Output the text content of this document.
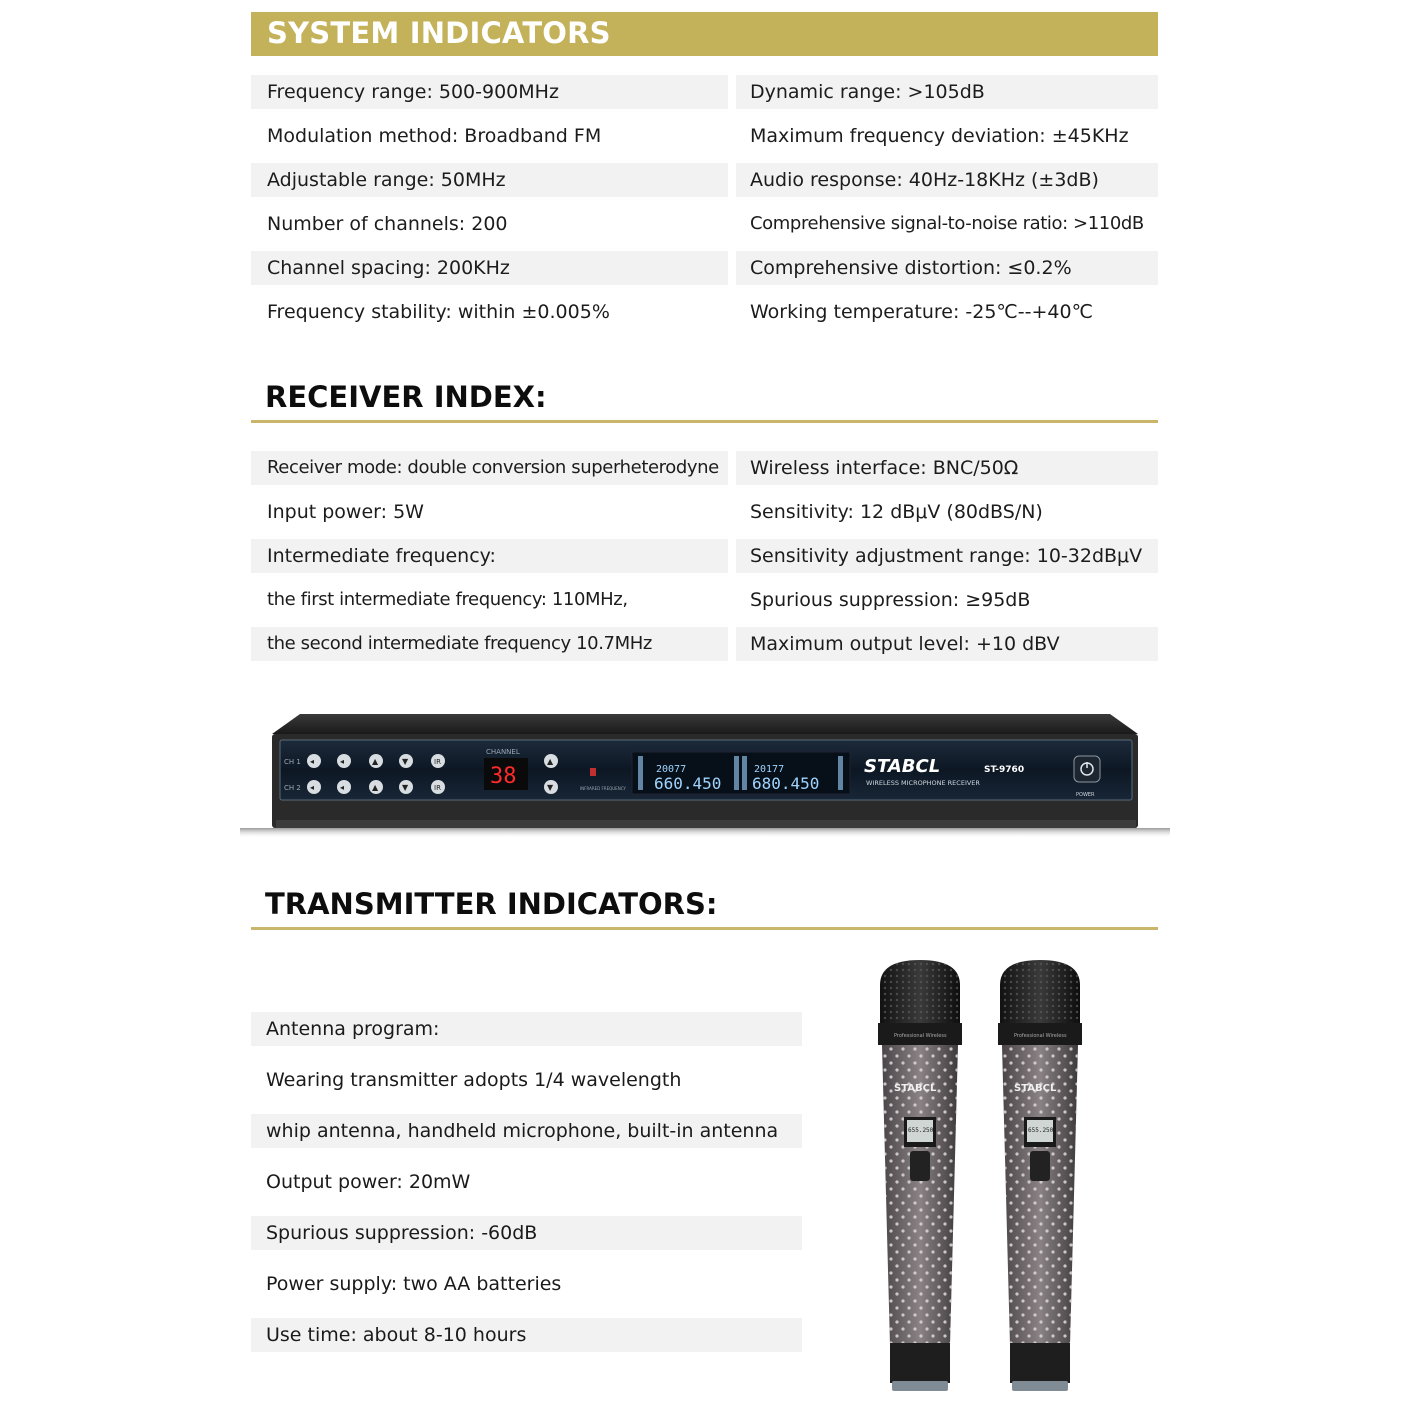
SYSTEM INDICATORS
Frequency range: 500-900MHz	Dynamic range: >105dB
Modulation method: Broadband FM	Maximum frequency deviation: ±45KHz
Adjustable range: 50MHz	Audio response: 40Hz-18KHz (±3dB)
Number of channels: 200	Comprehensive signal-to-noise ratio: >110dB
Channel spacing: 200KHz	Comprehensive distortion: ≤0.2%
Frequency stability: within ±0.005%	Working temperature: -25℃--+40℃
RECEIVER INDEX:
Receiver mode: double conversion superheterodyne	Wireless interface: BNC/50Ω
Input power: 5W	Sensitivity: 12 dBμV (80dBS/N)
Intermediate frequency:	Sensitivity adjustment range: 10-32dBμV
the first intermediate frequency: 110MHz,	Spurious suppression: ≥95dB
the second intermediate frequency 10.7MHz	Maximum output level: +10 dBV
CH 1
CH 2
◂	◂	▲	▼	IR
◂	◂	▲	▼	IR
CHANNEL
38
▲
▼	INFRARED FREQUENCY
20077
660.450
20177
680.450
STABCL	ST-9760
WIRELESS MICROPHONE RECEIVER
POWER
TRANSMITTER INDICATORS:
Antenna program:
Wearing transmitter adopts 1/4 wavelength
whip antenna, handheld microphone, built-in antenna
Output power: 20mW
Spurious suppression: -60dB
Power supply: two AA batteries
Use time: about 8-10 hours
Professional Wireless
STABCL
655.250
Professional Wireless
STABCL
655.250
